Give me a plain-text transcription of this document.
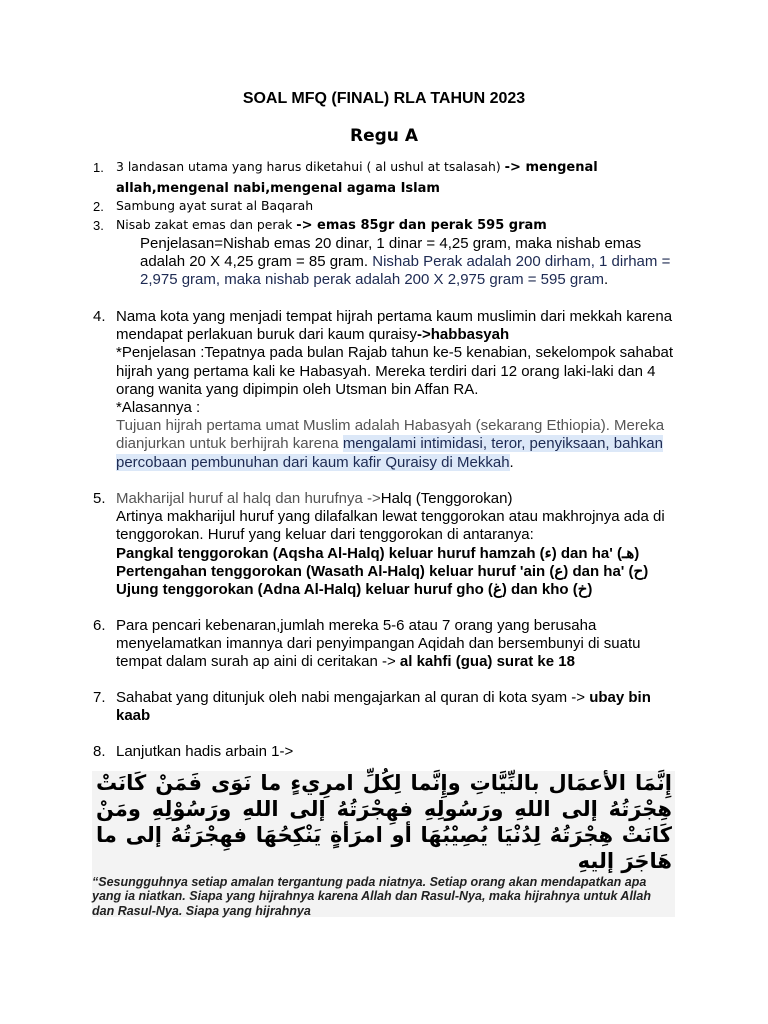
SOAL MFQ (FINAL) RLA TAHUN 2023
Regu A
1. 3 landasan utama yang harus diketahui ( al ushul at tsalasah) -> mengenal allah,mengenal nabi,mengenal agama Islam
2. Sambung ayat surat al Baqarah
3. Nisab zakat emas dan perak -> emas 85gr dan perak 595 gram
Penjelasan=Nishab emas 20 dinar, 1 dinar = 4,25 gram, maka nishab emas adalah 20 X 4,25 gram = 85 gram. Nishab Perak adalah 200 dirham, 1 dirham = 2,975 gram, maka nishab perak adalah 200 X 2,975 gram = 595 gram.
4. Nama kota yang menjadi tempat hijrah pertama kaum muslimin dari mekkah karena mendapat perlakuan buruk dari kaum quraisy->habbasyah
*Penjelasan :Tepatnya pada bulan Rajab tahun ke-5 kenabian, sekelompok sahabat hijrah yang pertama kali ke Habasyah. Mereka terdiri dari 12 orang laki-laki dan 4 orang wanita yang dipimpin oleh Utsman bin Affan RA.
*Alasannya :
Tujuan hijrah pertama umat Muslim adalah Habasyah (sekarang Ethiopia). Mereka dianjurkan untuk berhijrah karena mengalami intimidasi, teror, penyiksaan, bahkan percobaan pembunuhan dari kaum kafir Quraisy di Mekkah.
5. Makharijal huruf al halq dan hurufnya ->Halq (Tenggorokan)
Artinya makharijul huruf yang dilafalkan lewat tenggorokan atau makhrojnya ada di tenggorokan. Huruf yang keluar dari tenggorokan di antaranya:
Pangkal tenggorokan (Aqsha Al-Halq) keluar huruf hamzah (ء) dan ha' (هـ)
Pertengahan tenggorokan (Wasath Al-Halq) keluar huruf 'ain (ع) dan ha' (ح)
Ujung tenggorokan (Adna Al-Halq) keluar huruf gho (غ) dan kho (خ)
6. Para pencari kebenaran,jumlah mereka 5-6 atau 7 orang yang berusaha menyelamatkan imannya dari penyimpangan Aqidah dan bersembunyi di suatu tempat dalam surah ap aini di ceritakan -> al kahfi (gua) surat ke 18
7. Sahabat yang ditunjuk oleh nabi mengajarkan al quran di kota syam -> ubay bin kaab
8. Lanjutkan hadis arbain 1->
إِنَّمَا الأعمَال بالنِّيَّاتِ وإِنَّما لِكُلِّ امرِيءٍ ما نَوَى فَمَنْ كَانَتْ هِجْرَتُهُ إلى اللهِ ورَسُولِهِ فهِجْرَتُهُ إلى اللهِ ورَسُوْلِهِ ومَنْ كَانَتْ هِجْرَتُهُ لِدُنْيَا يُصِيْبُهَا أو امرَأةٍ يَنْكِحُهَا فهِجْرَتُهُ إلى ما هَاجَرَ إليهِ
“Sesungguhnya setiap amalan tergantung pada niatnya. Setiap orang akan mendapatkan apa yang ia niatkan. Siapa yang hijrahnya karena Allah dan Rasul-Nya, maka hijrahnya untuk Allah dan Rasul-Nya. Siapa yang hijrahnya
